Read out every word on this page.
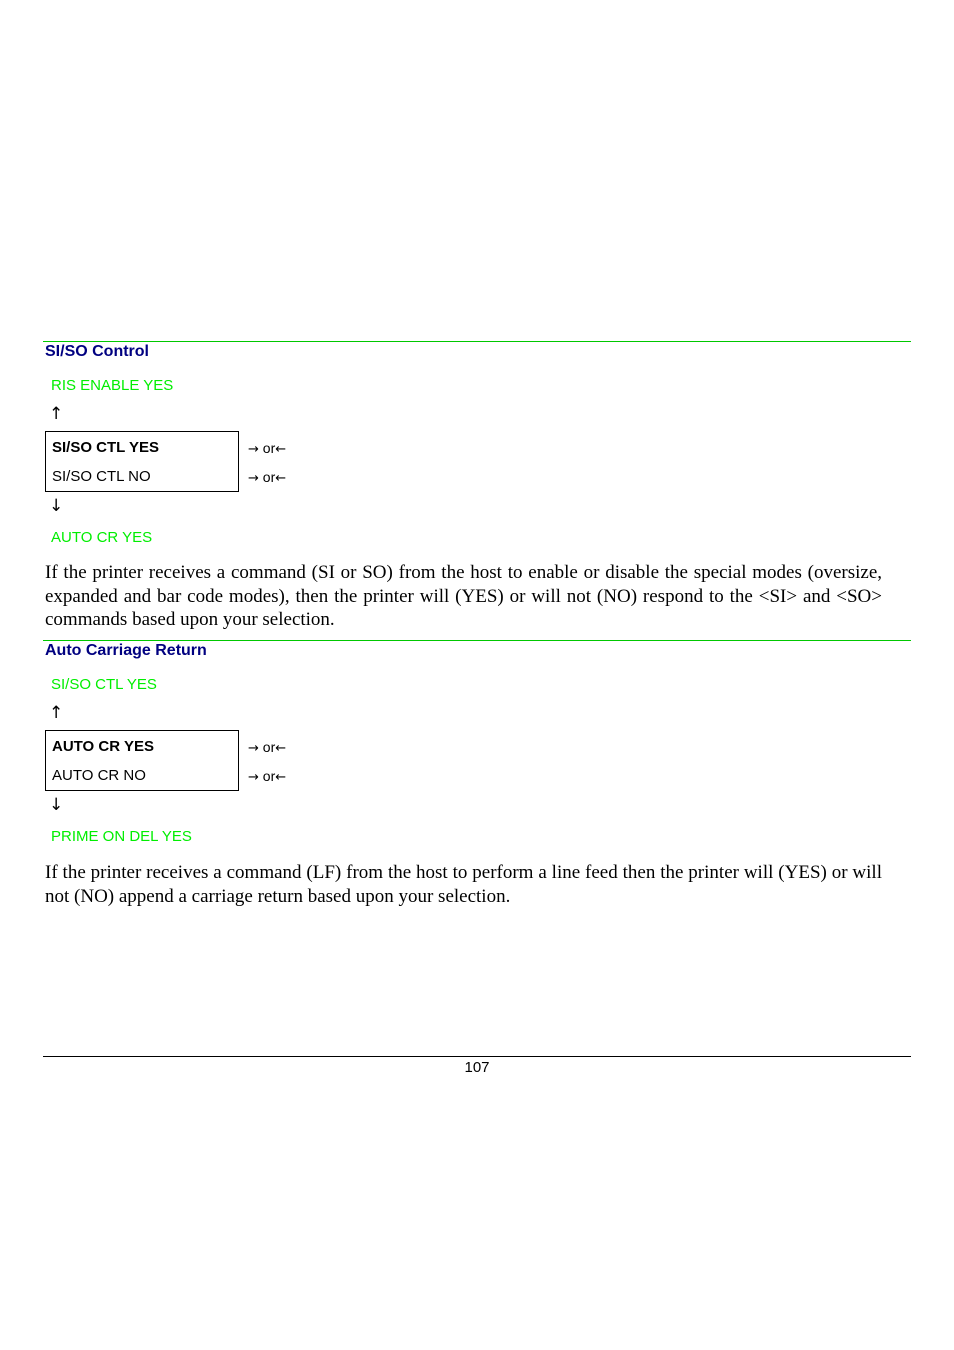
SI/SO Control
RIS ENABLE YES
↑
SI/SO CTL YES
SI/SO CTL NO
→ or←
→ or←
↓
AUTO CR YES

If the printer receives a command (SI or SO) from the host to enable or disable the special modes (oversize, expanded and bar code modes), then the printer will (YES) or will not (NO) respond to the <SI> and <SO> commands based upon your selection.

Auto Carriage Return
SI/SO CTL YES
↑
AUTO CR YES
AUTO CR NO
→ or←
→ or←
↓
PRIME ON DEL YES

If the printer receives a command (LF) from the host to perform a line feed then the printer will (YES) or will not (NO) append a carriage return based upon your selection.

107
